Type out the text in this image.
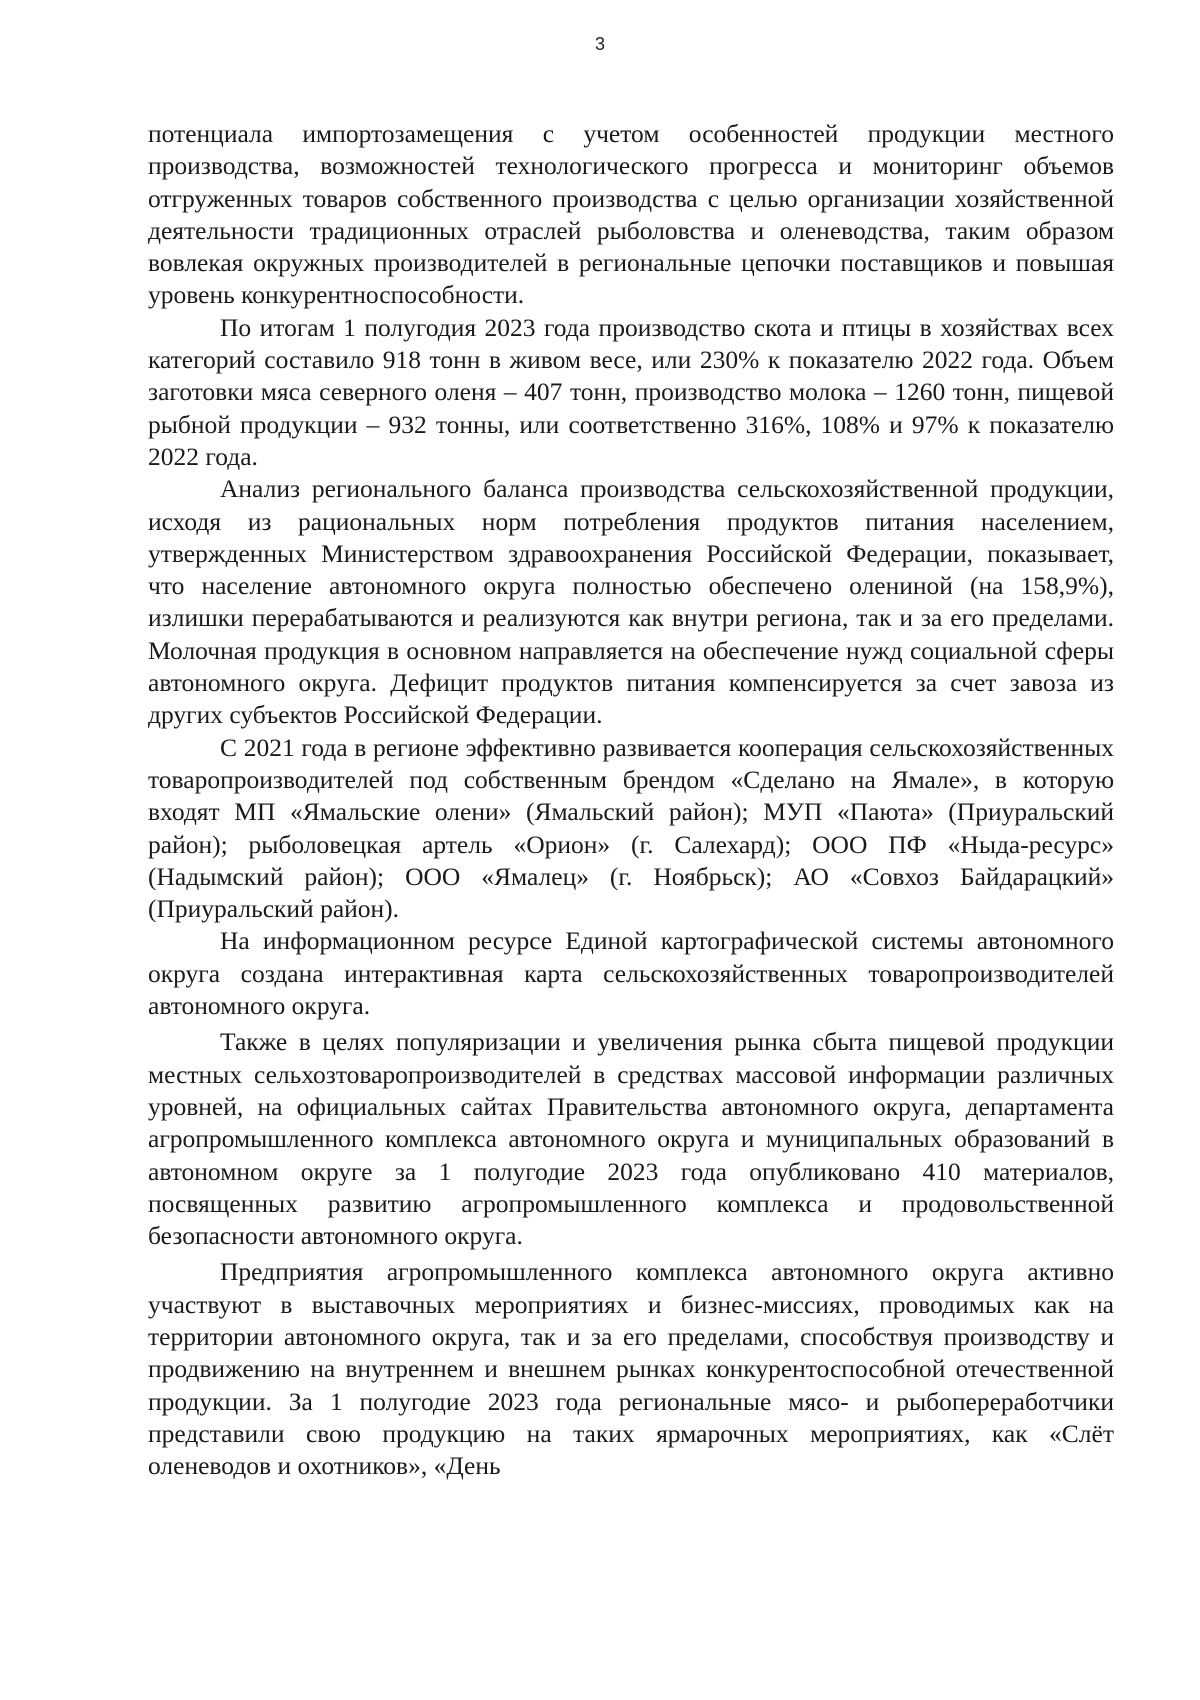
3

потенциала импортозамещения с учетом особенностей продукции местного производства, возможностей технологического прогресса и мониторинг объемов отгруженных товаров собственного производства с целью организации хозяйственной деятельности традиционных отраслей рыболовства и оленеводства, таким образом вовлекая окружных производителей в региональные цепочки поставщиков и повышая уровень конкурентноспособности.

По итогам 1 полугодия 2023 года производство скота и птицы в хозяйствах всех категорий составило 918 тонн в живом весе, или 230% к показателю 2022 года. Объем заготовки мяса северного оленя – 407 тонн, производство молока – 1260 тонн, пищевой рыбной продукции – 932 тонны, или соответственно 316%, 108% и 97% к показателю 2022 года.

Анализ регионального баланса производства сельскохозяйственной продукции, исходя из рациональных норм потребления продуктов питания населением, утвержденных Министерством здравоохранения Российской Федерации, показывает, что население автономного округа полностью обеспечено олениной (на 158,9%), излишки перерабатываются и реализуются как внутри региона, так и за его пределами. Молочная продукция в основном направляется на обеспечение нужд социальной сферы автономного округа. Дефицит продуктов питания компенсируется за счет завоза из других субъектов Российской Федерации.

С 2021 года в регионе эффективно развивается кооперация сельскохозяйственных товаропроизводителей под собственным брендом «Сделано на Ямале», в которую входят МП «Ямальские олени» (Ямальский район); МУП «Паюта» (Приуральский район); рыболовецкая артель «Орион» (г. Салехард); ООО ПФ «Ныда-ресурс» (Надымский район); ООО «Ямалец» (г. Ноябрьск); АО «Совхоз Байдарацкий» (Приуральский район).

На информационном ресурсе Единой картографической системы автономного округа создана интерактивная карта сельскохозяйственных товаропроизводителей автономного округа.

Также в целях популяризации и увеличения рынка сбыта пищевой продукции местных сельхозтоваропроизводителей в средствах массовой информации различных уровней, на официальных сайтах Правительства автономного округа, департамента агропромышленного комплекса автономного округа и муниципальных образований в автономном округе за 1 полугодие 2023 года опубликовано 410 материалов, посвященных развитию агропромышленного комплекса и продовольственной безопасности автономного округа.

Предприятия агропромышленного комплекса автономного округа активно участвуют в выставочных мероприятиях и бизнес-миссиях, проводимых как на территории автономного округа, так и за его пределами, способствуя производству и продвижению на внутреннем и внешнем рынках конкурентоспособной отечественной продукции. За 1 полугодие 2023 года региональные мясо- и рыбопереработчики представили свою продукцию на таких ярмарочных мероприятиях, как «Слёт оленеводов и охотников», «День
